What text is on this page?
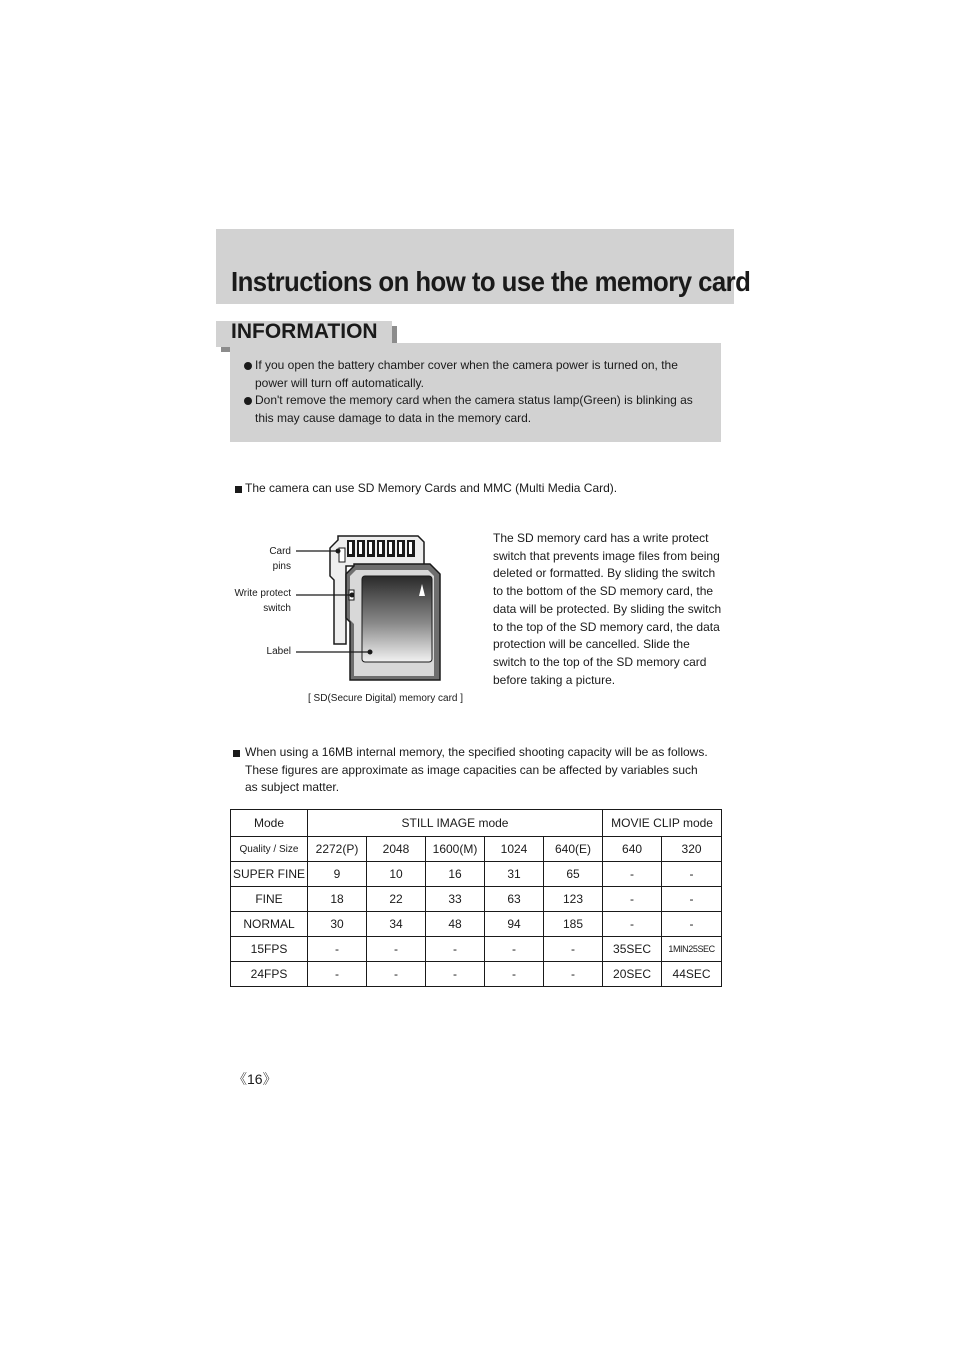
Instructions on how to use the memory card
INFORMATION
If you open the battery chamber cover when the camera power is turned on, the power will turn off automatically.
Don't remove the memory card when the camera status lamp(Green) is blinking as this may cause damage to data in the memory card.
The camera can use SD Memory Cards and MMC (Multi Media Card).
Card
pins
Write protect
switch
Label
[ SD(Secure Digital) memory card ]
The SD memory card has a write protect switch that prevents image files from being deleted or formatted. By sliding the switch to the bottom of the SD memory card, the data will be protected. By sliding the switch to the top of the SD memory card, the data protection will be cancelled. Slide the switch to the top of the SD memory card before taking a picture.
When using a 16MB internal memory, the specified shooting capacity will be as follows. These figures are approximate as image capacities can be affected by variables such as subject matter.
Mode	STILL IMAGE mode					MOVIE CLIP mode	
Quality / Size	2272(P)	2048	1600(M)	1024	640(E)	640	320
SUPER FINE	9	10	16	31	65	-	-
FINE	18	22	33	63	123	-	-
NORMAL	30	34	48	94	185	-	-
15FPS	-	-	-	-	-	35SEC	1MIN25SEC
24FPS	-	-	-	-	-	20SEC	44SEC
《16》
